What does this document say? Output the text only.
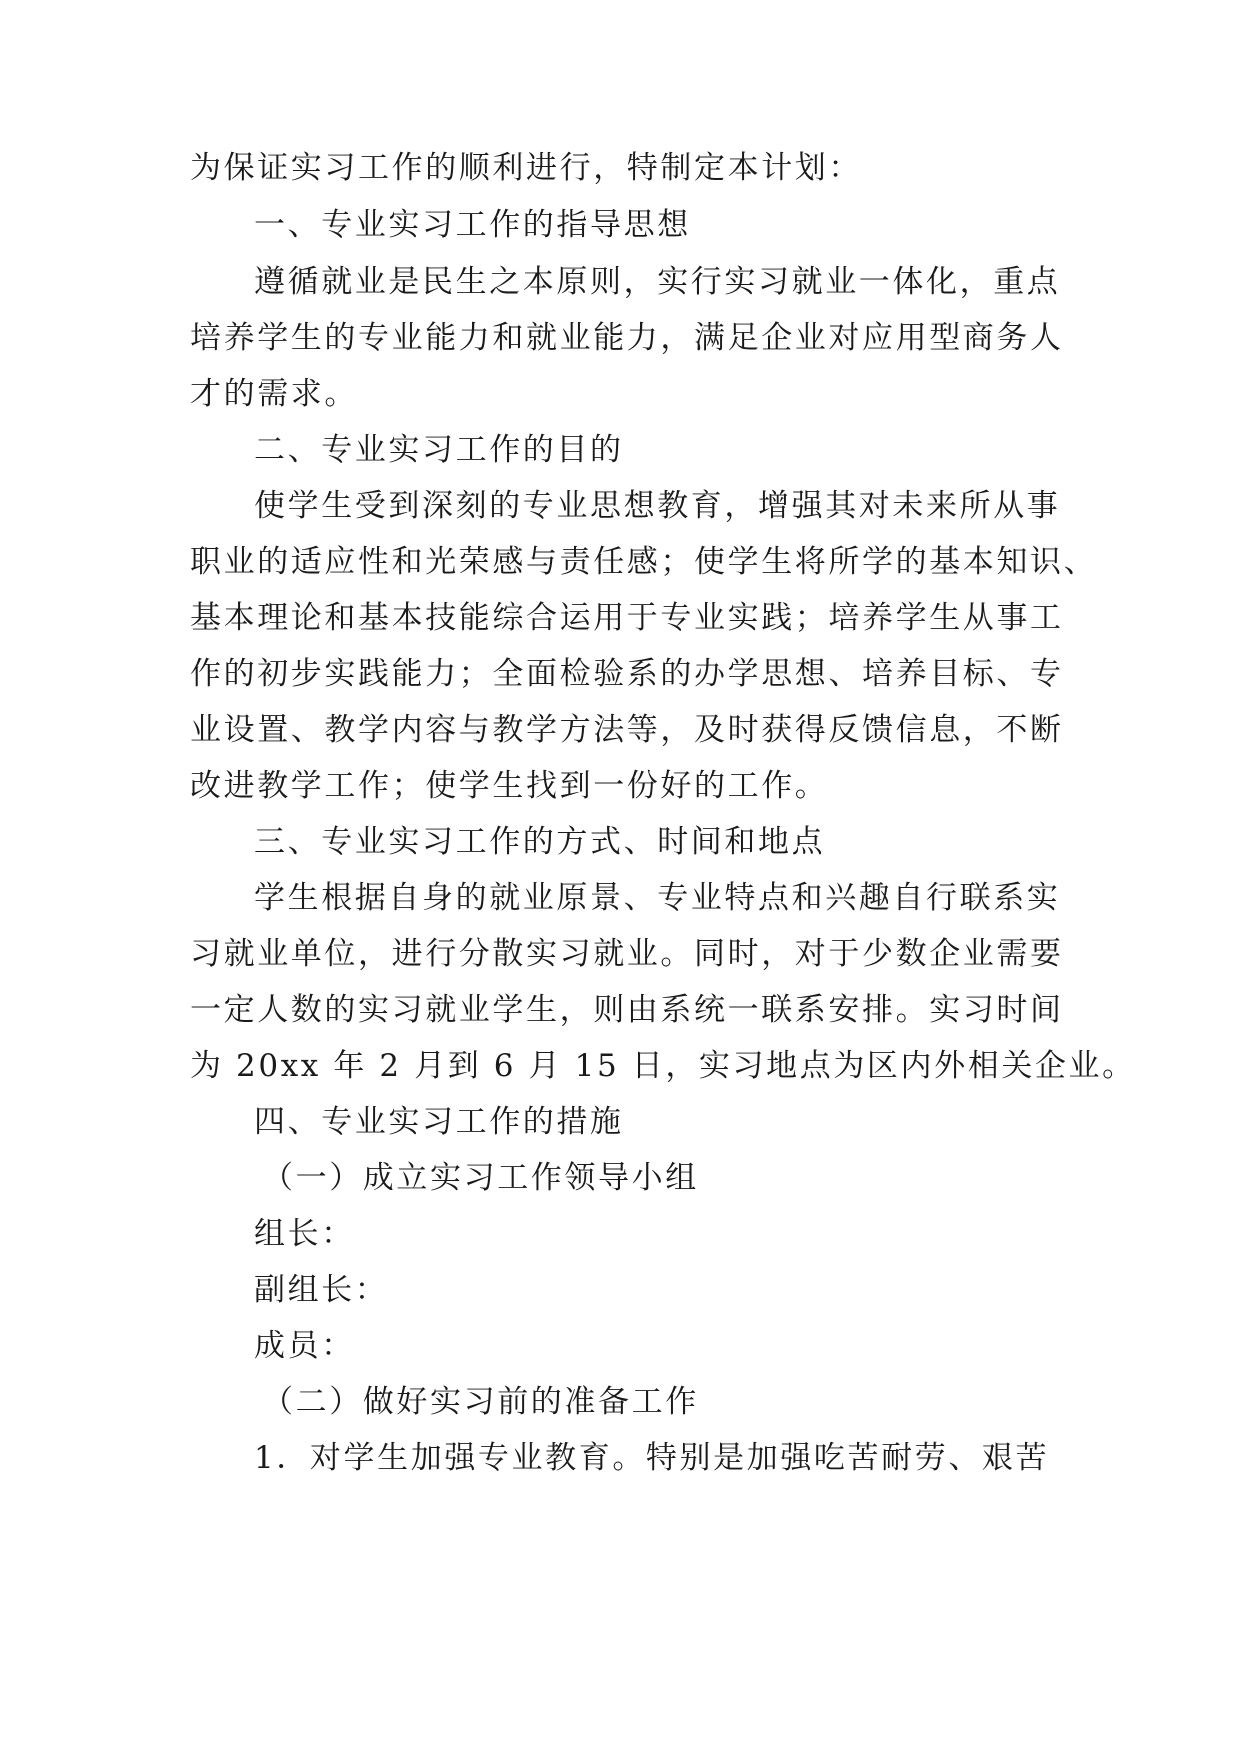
为保证实习工作的顺利进行，特制定本计划：
一、专业实习工作的指导思想
遵循就业是民生之本原则，实行实习就业一体化，重点
培养学生的专业能力和就业能力，满足企业对应用型商务人
才的需求。
二、专业实习工作的目的
使学生受到深刻的专业思想教育，增强其对未来所从事
职业的适应性和光荣感与责任感；使学生将所学的基本知识、
基本理论和基本技能综合运用于专业实践；培养学生从事工
作的初步实践能力；全面检验系的办学思想、培养目标、专
业设置、教学内容与教学方法等，及时获得反馈信息，不断
改进教学工作；使学生找到一份好的工作。
三、专业实习工作的方式、时间和地点
学生根据自身的就业原景、专业特点和兴趣自行联系实
习就业单位，进行分散实习就业。同时，对于少数企业需要
一定人数的实习就业学生，则由系统一联系安排。实习时间
为 20xx 年 2 月到 6 月 15 日，实习地点为区内外相关企业。
四、专业实习工作的措施
（一）成立实习工作领导小组
组长：
副组长：
成员：
（二）做好实习前的准备工作
1．对学生加强专业教育。特别是加强吃苦耐劳、艰苦
